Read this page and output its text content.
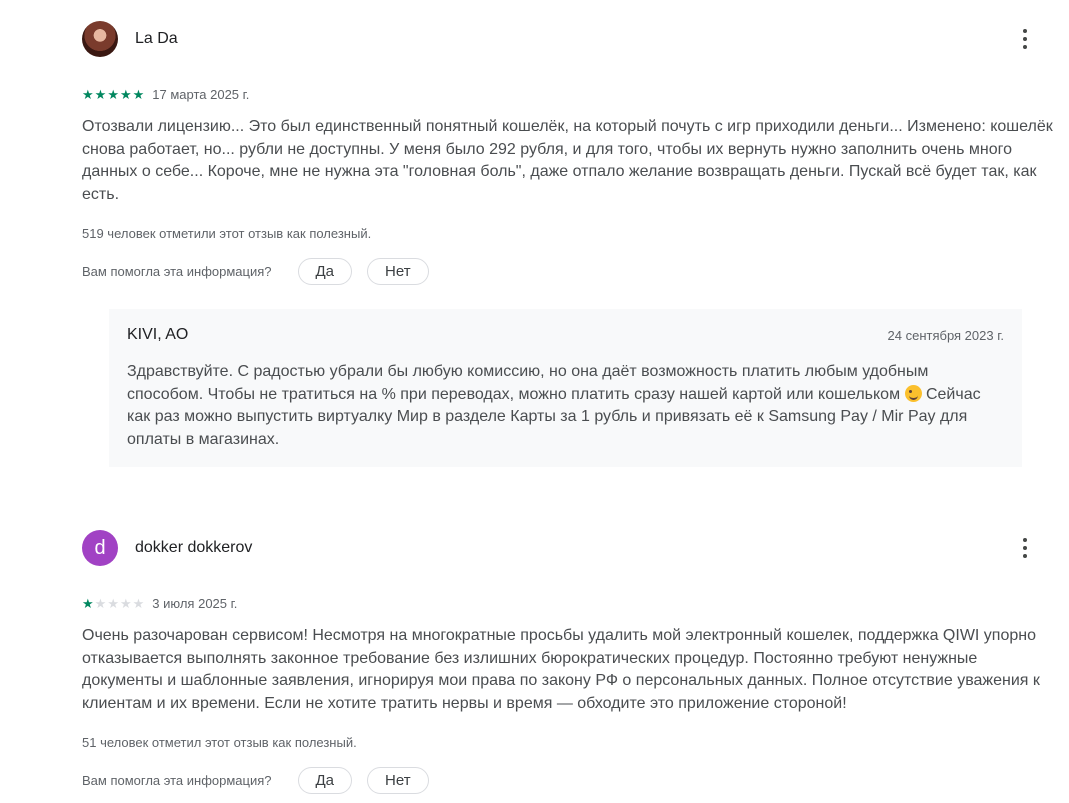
La Da
★ ★ ★ ★ ★ 17 марта 2025 г.
Отозвали лицензию... Это был единственный понятный кошелёк, на который почуть с игр приходили деньги... Изменено: кошелёк снова работает, но... рубли не доступны. У меня было 292 рубля, и для того, чтобы их вернуть нужно заполнить очень много данных о себе... Короче, мне не нужна эта "головная боль", даже отпало желание возвращать деньги. Пускай всё будет так, как есть.
519 человек отметили этот отзыв как полезный.
Вам помогла эта информация?	Да	Нет
KIVI, AO	24 сентября 2023 г.
Здравствуйте. С радостью убрали бы любую комиссию, но она даёт возможность платить любым удобным способом. Чтобы не тратиться на % при переводах, можно платить сразу нашей картой или кошельком  Сейчас как раз можно выпустить виртуалку Мир в разделе Карты за 1 рубль и привязать её к Samsung Pay / Mir Pay для оплаты в магазинах.
d	dokker dokkerov
★ ★ ★ ★ ★ 3 июля 2025 г.
Очень разочарован сервисом! Несмотря на многократные просьбы удалить мой электронный кошелек, поддержка QIWI упорно отказывается выполнять законное требование без излишних бюрократических процедур. Постоянно требуют ненужные документы и шаблонные заявления, игнорируя мои права по закону РФ о персональных данных. Полное отсутствие уважения к клиентам и их времени. Если не хотите тратить нервы и время — обходите это приложение стороной!
51 человек отметил этот отзыв как полезный.
Вам помогла эта информация?	Да	Нет
